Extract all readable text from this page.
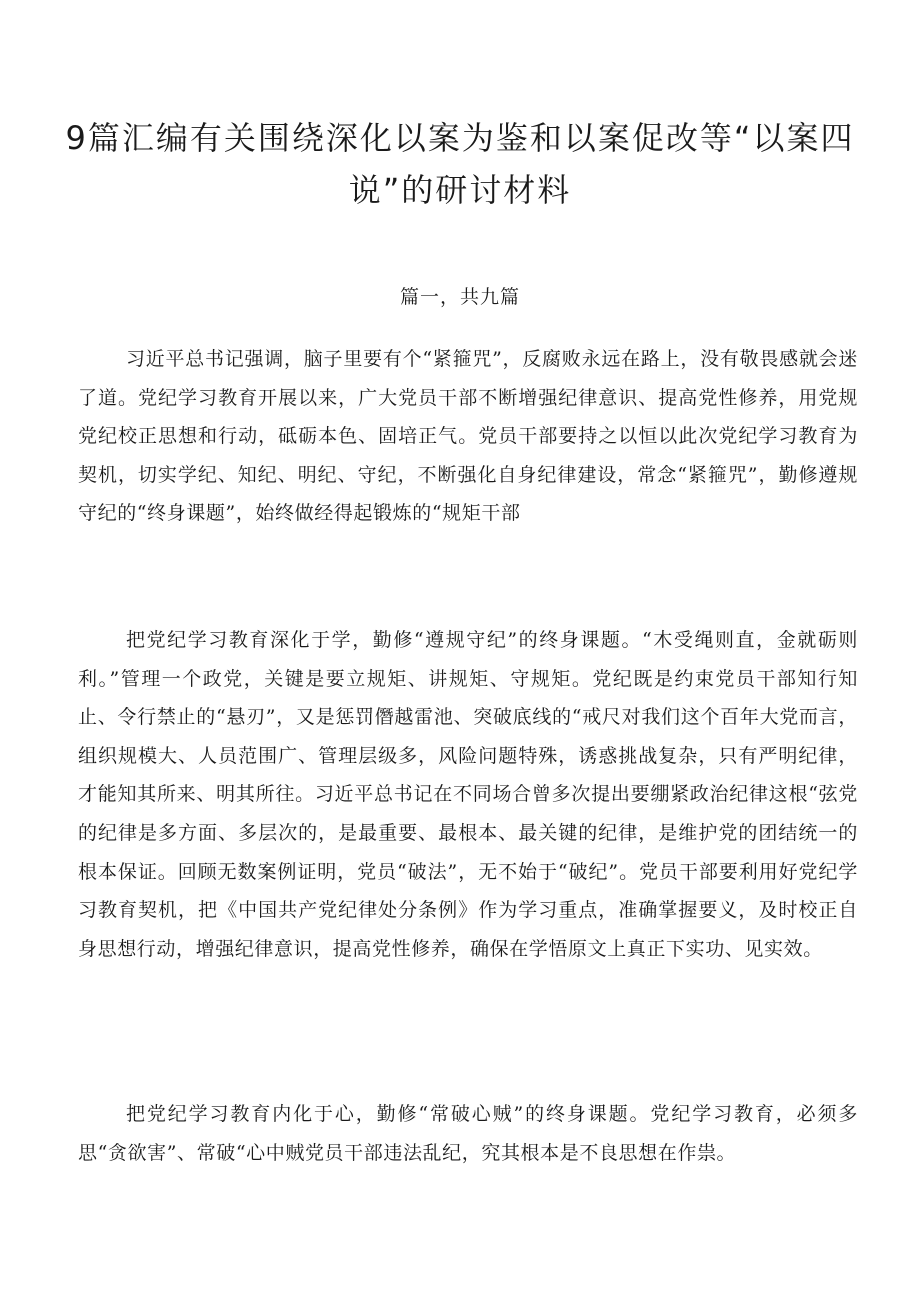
9篇汇编有关围绕深化以案为鉴和以案促改等“以案四说”的研讨材料

篇一，共九篇

习近平总书记强调，脑子里要有个“紧箍咒”，反腐败永远在路上，没有敬畏感就会迷了道。党纪学习教育开展以来，广大党员干部不断增强纪律意识、提高党性修养，用党规党纪校正思想和行动，砥砺本色、固培正气。党员干部要持之以恒以此次党纪学习教育为契机，切实学纪、知纪、明纪、守纪，不断强化自身纪律建设，常念“紧箍咒”，勤修遵规守纪的“终身课题”，始终做经得起锻炼的“规矩干部

把党纪学习教育深化于学，勤修“遵规守纪”的终身课题。“木受绳则直，金就砺则利。”管理一个政党，关键是要立规矩、讲规矩、守规矩。党纪既是约束党员干部知行知止、令行禁止的“悬刃”，又是惩罚僭越雷池、突破底线的“戒尺对我们这个百年大党而言，组织规模大、人员范围广、管理层级多，风险问题特殊，诱惑挑战复杂，只有严明纪律，才能知其所来、明其所往。习近平总书记在不同场合曾多次提出要绷紧政治纪律这根“弦党的纪律是多方面、多层次的，是最重要、最根本、最关键的纪律，是维护党的团结统一的根本保证。回顾无数案例证明，党员“破法”，无不始于“破纪”。党员干部要利用好党纪学习教育契机，把《中国共产党纪律处分条例》作为学习重点，准确掌握要义，及时校正自身思想行动，增强纪律意识，提高党性修养，确保在学悟原文上真正下实功、见实效。

把党纪学习教育内化于心，勤修“常破心贼”的终身课题。党纪学习教育，必须多思“贪欲害”、常破“心中贼党员干部违法乱纪，究其根本是不良思想在作祟。
